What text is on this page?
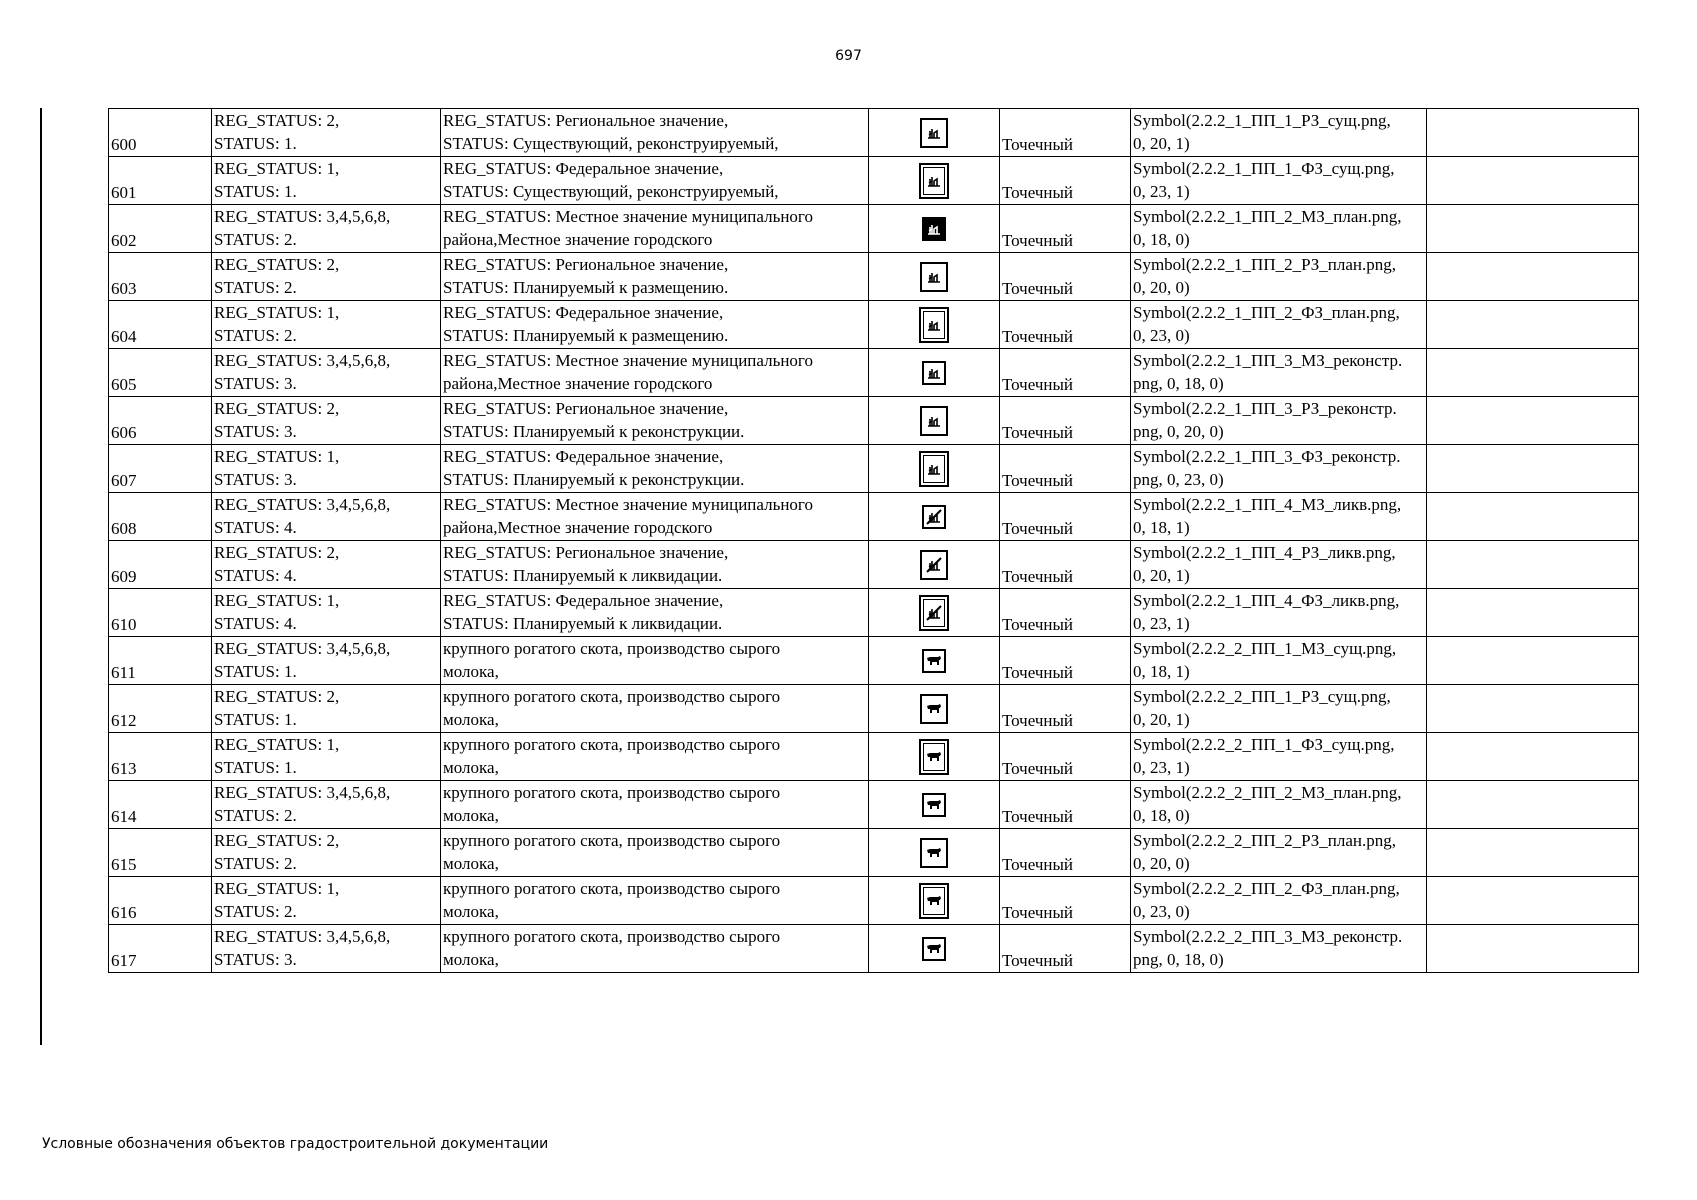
697
600	REG_STATUS: 2,
STATUS: 1.	REG_STATUS: Региональное значение,
STATUS: Существующий, реконструируемый,		Точечный	Symbol(2.2.2_1_ПП_1_РЗ_сущ.png,
0, 20, 1)	

601	REG_STATUS: 1,
STATUS: 1.	REG_STATUS: Федеральное значение,
STATUS: Существующий, реконструируемый,		Точечный	Symbol(2.2.2_1_ПП_1_ФЗ_сущ.png,
0, 23, 1)	

602	REG_STATUS: 3,4,5,6,8,
STATUS: 2.	REG_STATUS: Местное значение муниципального
района,Местное значение городского		Точечный	Symbol(2.2.2_1_ПП_2_МЗ_план.png,
0, 18, 0)	

603	REG_STATUS: 2,
STATUS: 2.	REG_STATUS: Региональное значение,
STATUS: Планируемый к размещению.		Точечный	Symbol(2.2.2_1_ПП_2_РЗ_план.png,
0, 20, 0)	

604	REG_STATUS: 1,
STATUS: 2.	REG_STATUS: Федеральное значение,
STATUS: Планируемый к размещению.		Точечный	Symbol(2.2.2_1_ПП_2_ФЗ_план.png,
0, 23, 0)	

605	REG_STATUS: 3,4,5,6,8,
STATUS: 3.	REG_STATUS: Местное значение муниципального
района,Местное значение городского		Точечный	Symbol(2.2.2_1_ПП_3_МЗ_реконстр.
png, 0, 18, 0)	

606	REG_STATUS: 2,
STATUS: 3.	REG_STATUS: Региональное значение,
STATUS: Планируемый к реконструкции.		Точечный	Symbol(2.2.2_1_ПП_3_РЗ_реконстр.
png, 0, 20, 0)	

607	REG_STATUS: 1,
STATUS: 3.	REG_STATUS: Федеральное значение,
STATUS: Планируемый к реконструкции.		Точечный	Symbol(2.2.2_1_ПП_3_ФЗ_реконстр.
png, 0, 23, 0)	

608	REG_STATUS: 3,4,5,6,8,
STATUS: 4.	REG_STATUS: Местное значение муниципального
района,Местное значение городского		Точечный	Symbol(2.2.2_1_ПП_4_МЗ_ликв.png,
0, 18, 1)	

609	REG_STATUS: 2,
STATUS: 4.	REG_STATUS: Региональное значение,
STATUS: Планируемый к ликвидации.		Точечный	Symbol(2.2.2_1_ПП_4_РЗ_ликв.png,
0, 20, 1)	

610	REG_STATUS: 1,
STATUS: 4.	REG_STATUS: Федеральное значение,
STATUS: Планируемый к ликвидации.		Точечный	Symbol(2.2.2_1_ПП_4_ФЗ_ликв.png,
0, 23, 1)	

611	REG_STATUS: 3,4,5,6,8,
STATUS: 1.	крупного рогатого скота, производство сырого
молока,		Точечный	Symbol(2.2.2_2_ПП_1_МЗ_сущ.png,
0, 18, 1)	

612	REG_STATUS: 2,
STATUS: 1.	крупного рогатого скота, производство сырого
молока,		Точечный	Symbol(2.2.2_2_ПП_1_РЗ_сущ.png,
0, 20, 1)	

613	REG_STATUS: 1,
STATUS: 1.	крупного рогатого скота, производство сырого
молока,		Точечный	Symbol(2.2.2_2_ПП_1_ФЗ_сущ.png,
0, 23, 1)	

614	REG_STATUS: 3,4,5,6,8,
STATUS: 2.	крупного рогатого скота, производство сырого
молока,		Точечный	Symbol(2.2.2_2_ПП_2_МЗ_план.png,
0, 18, 0)	

615	REG_STATUS: 2,
STATUS: 2.	крупного рогатого скота, производство сырого
молока,		Точечный	Symbol(2.2.2_2_ПП_2_РЗ_план.png,
0, 20, 0)	

616	REG_STATUS: 1,
STATUS: 2.	крупного рогатого скота, производство сырого
молока,		Точечный	Symbol(2.2.2_2_ПП_2_ФЗ_план.png,
0, 23, 0)	

617	REG_STATUS: 3,4,5,6,8,
STATUS: 3.	крупного рогатого скота, производство сырого
молока,		Точечный	Symbol(2.2.2_2_ПП_3_МЗ_реконстр.
png, 0, 18, 0)	

Условные обозначения объектов градостроительной документации
